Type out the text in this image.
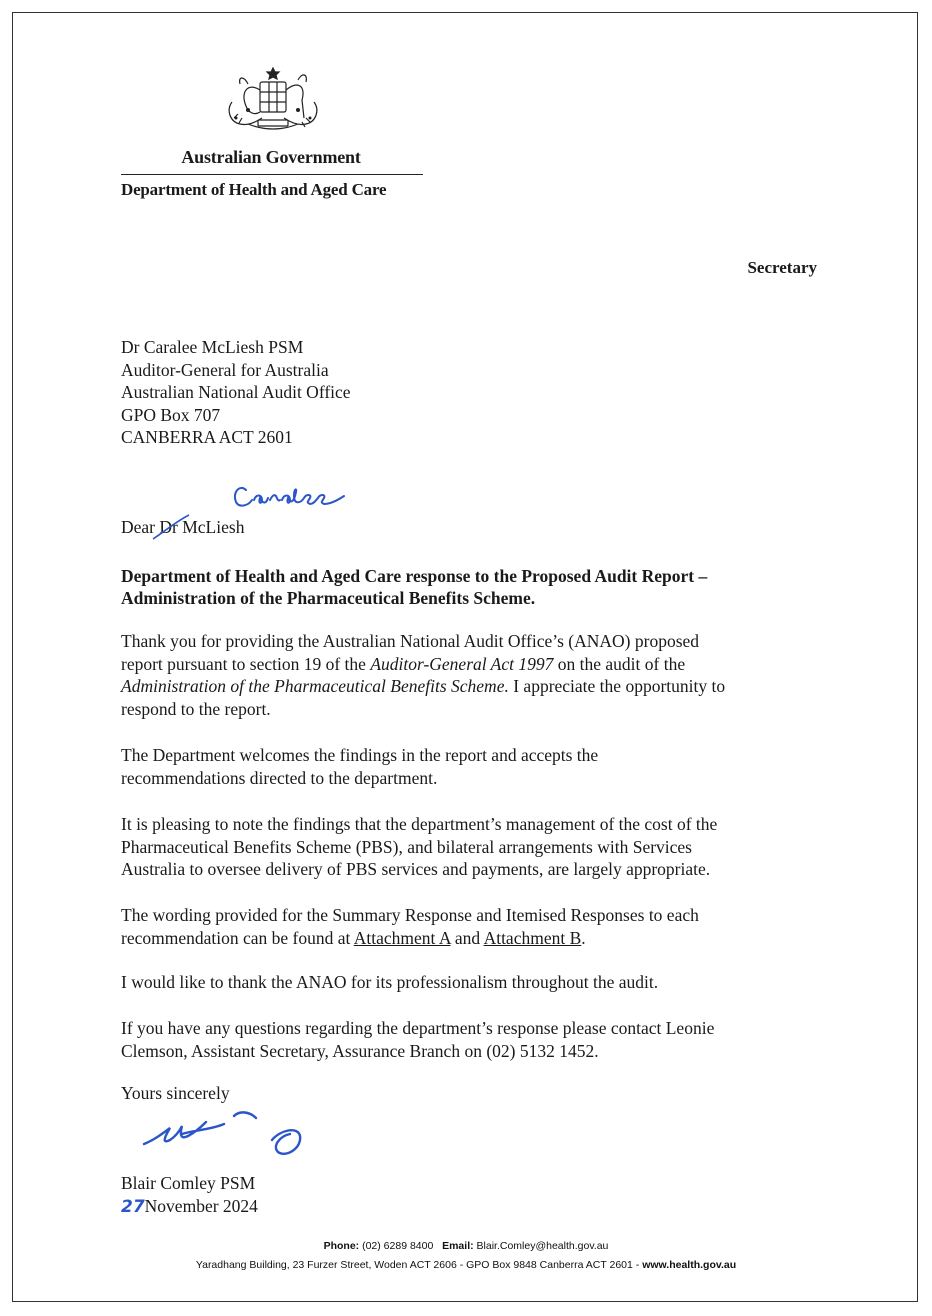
Australian Government
Department of Health and Aged Care
Secretary
Dr Caralee McLiesh PSM
Auditor-General for Australia
Australian National Audit Office
GPO Box 707
CANBERRA ACT 2601
Dear Dr
McLiesh
Department of Health and Aged Care response to the Proposed Audit Report –
Administration of the Pharmaceutical Benefits Scheme.
Thank you for providing the Australian National Audit Office’s (ANAO) proposed
report pursuant to section 19 of the Auditor-General Act 1997 on the audit of the
Administration of the Pharmaceutical Benefits Scheme. I appreciate the opportunity to
respond to the report.
The Department welcomes the findings in the report and accepts the
recommendations directed to the department.
It is pleasing to note the findings that the department’s management of the cost of the
Pharmaceutical Benefits Scheme (PBS), and bilateral arrangements with Services
Australia to oversee delivery of PBS services and payments, are largely appropriate.
The wording provided for the Summary Response and Itemised Responses to each
recommendation can be found at Attachment A and Attachment B.
I would like to thank the ANAO for its professionalism throughout the audit.
If you have any questions regarding the department’s response please contact Leonie
Clemson, Assistant Secretary, Assurance Branch on (02) 5132 1452.
Yours sincerely
Blair Comley PSM
27November 2024
Phone: (02) 6289 8400 Email: Blair.Comley@health.gov.au
Yaradhang Building, 23 Furzer Street, Woden ACT 2606 - GPO Box 9848 Canberra ACT 2601 - www.health.gov.au
